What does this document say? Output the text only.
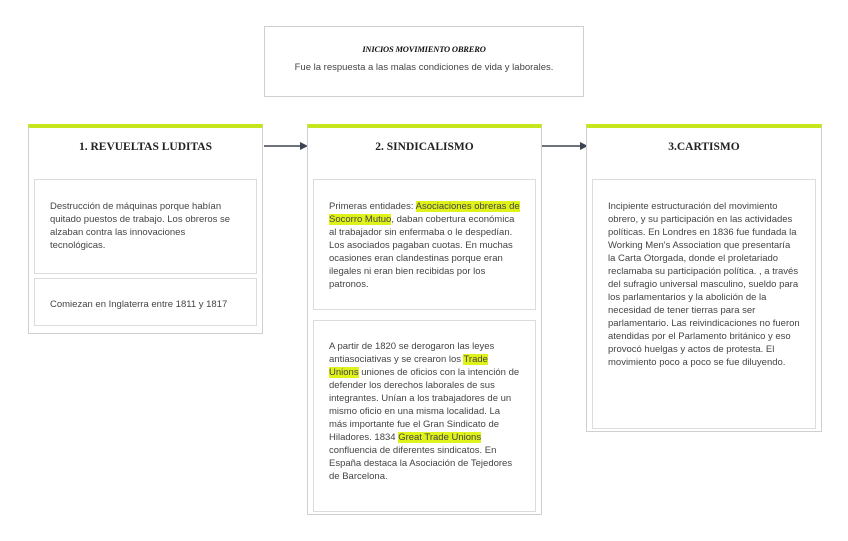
INICIOS MOVIMIENTO OBRERO
Fue la respuesta a las malas condiciones de vida y laborales.
1. REVUELTAS LUDITAS
Destrucción de máquinas porque habían quitado puestos de trabajo. Los obreros se alzaban contra las innovaciones tecnológicas.
Comiezan en Inglaterra entre 1811 y 1817
2. SINDICALISMO
Primeras entidades: Asociaciones obreras de Socorro Mutuo, daban cobertura económica al trabajador sin enfermaba o le despedían. Los asociados pagaban cuotas. En muchas ocasiones eran clandestinas porque eran ilegales ni eran bien recibidas por los patronos.
A partir de 1820 se derogaron las leyes antiasociativas y se crearon los Trade Unions uniones de oficios con la intención de defender los derechos laborales de sus integrantes. Unían a los trabajadores de un mismo oficio en una misma localidad. La más importante fue el Gran Sindicato de Hiladores. 1834 Great Trade Unions confluencia de diferentes sindicatos. En España destaca la Asociación de Tejedores de Barcelona.
3.CARTISMO
Incipiente estructuración del movimiento obrero, y su participación en las actividades políticas. En Londres en 1836 fue fundada la Working Men's Association que presentaría la Carta Otorgada, donde el proletariado reclamaba su participación política. , a través del sufragio universal masculino, sueldo para los parlamentarios y la abolición de la necesidad de tener tierras para ser parlamentario. Las reivindicaciones no fueron atendidas por el Parlamento británico y eso provocó huelgas y actos de protesta. El movimiento poco a poco se fue diluyendo.
